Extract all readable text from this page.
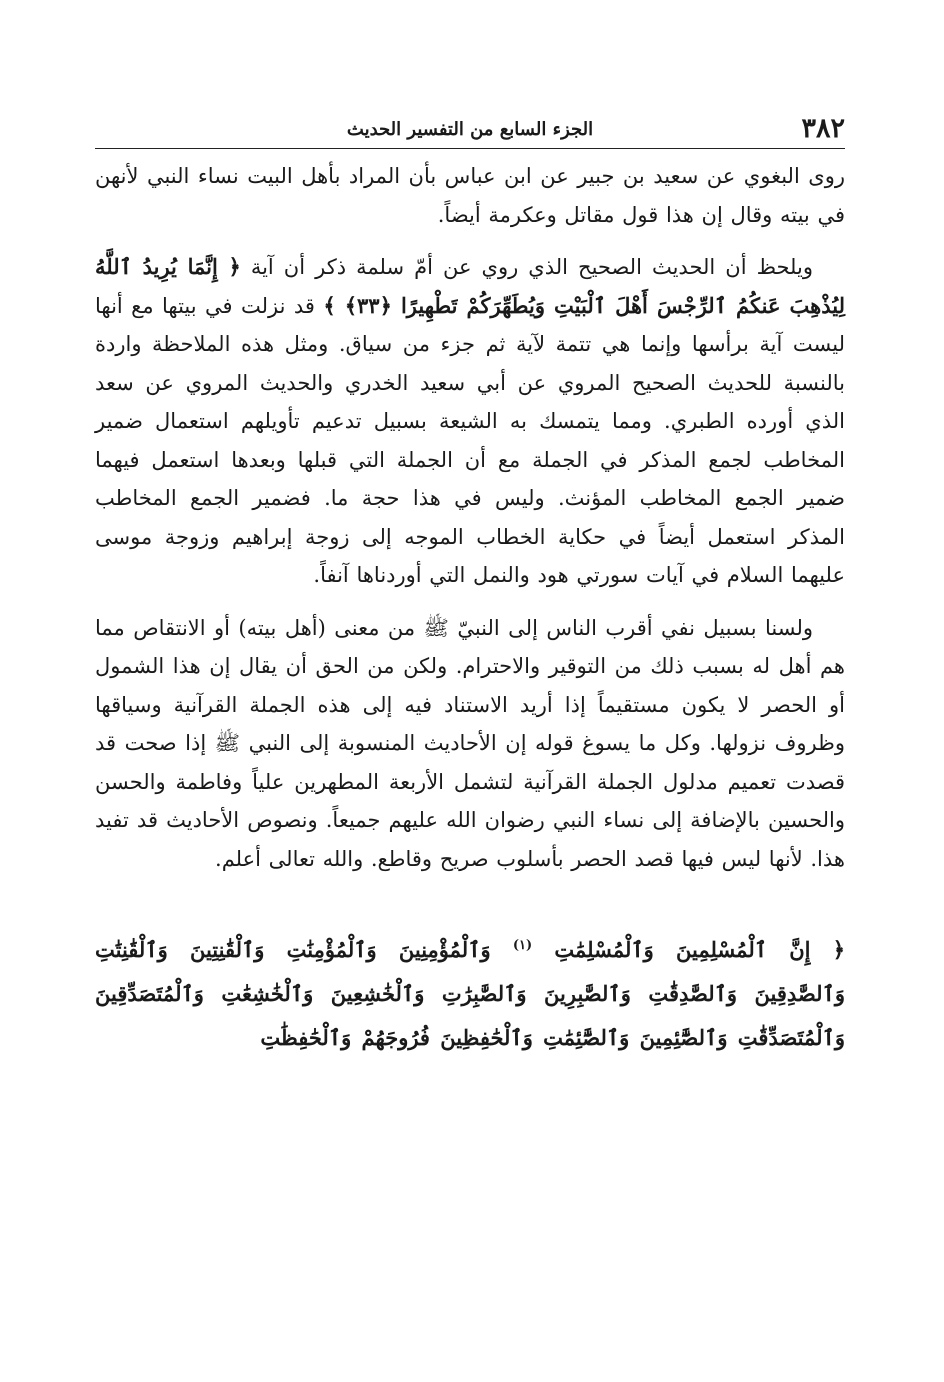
٣٨٢
الجزء السابع من التفسير الحديث

روى البغوي عن سعيد بن جبير عن ابن عباس بأن المراد بأهل البيت نساء النبي لأنهن في بيته وقال إن هذا قول مقاتل وعكرمة أيضاً.

ويلحظ أن الحديث الصحيح الذي روي عن أمّ سلمة ذكر أن آية ﴿ إِنَّمَا يُرِيدُ ٱللَّهُ لِيُذْهِبَ عَنكُمُ ٱلرِّجْسَ أَهْلَ ٱلْبَيْتِ وَيُطَهِّرَكُمْ تَطْهِيرًا ﴿٣٣﴾ ﴾ قد نزلت في بيتها مع أنها ليست آية برأسها وإنما هي تتمة لآية ثم جزء من سياق. ومثل هذه الملاحظة واردة بالنسبة للحديث الصحيح المروي عن أبي سعيد الخدري والحديث المروي عن سعد الذي أورده الطبري. ومما يتمسك به الشيعة بسبيل تدعيم تأويلهم استعمال ضمير المخاطب لجمع المذكر في الجملة مع أن الجملة التي قبلها وبعدها استعمل فيهما ضمير الجمع المخاطب المؤنث. وليس في هذا حجة ما. فضمير الجمع المخاطب المذكر استعمل أيضاً في حكاية الخطاب الموجه إلى زوجة إبراهيم وزوجة موسى عليهما السلام في آيات سورتي هود والنمل التي أوردناها آنفاً.

ولسنا بسبيل نفي أقرب الناس إلى النبيّ ﷺ من معنى (أهل بيته) أو الانتقاص مما هم أهل له بسبب ذلك من التوقير والاحترام. ولكن من الحق أن يقال إن هذا الشمول أو الحصر لا يكون مستقيماً إذا أريد الاستناد فيه إلى هذه الجملة القرآنية وسياقها وظروف نزولها. وكل ما يسوغ قوله إن الأحاديث المنسوبة إلى النبي ﷺ إذا صحت قد قصدت تعميم مدلول الجملة القرآنية لتشمل الأربعة المطهرين علياً وفاطمة والحسن والحسين بالإضافة إلى نساء النبي رضوان الله عليهم جميعاً. ونصوص الأحاديث قد تفيد هذا. لأنها ليس فيها قصد الحصر بأسلوب صريح وقاطع. والله تعالى أعلم.

﴿ إِنَّ ٱلْمُسْلِمِينَ وَٱلْمُسْلِمَٰتِ $^{(١)}$ وَٱلْمُؤْمِنِينَ وَٱلْمُؤْمِنَٰتِ وَٱلْقَٰنِتِينَ وَٱلْقَٰنِتَٰتِ وَٱلصَّٰدِقِينَ وَٱلصَّٰدِقَٰتِ وَٱلصَّٰبِرِينَ وَٱلصَّٰبِرَٰتِ وَٱلْخَٰشِعِينَ وَٱلْخَٰشِعَٰتِ وَٱلْمُتَصَدِّقِينَ وَٱلْمُتَصَدِّقَٰتِ وَٱلصَّٰٓئِمِينَ وَٱلصَّٰٓئِمَٰتِ وَٱلْحَٰفِظِينَ فُرُوجَهُمْ وَٱلْحَٰفِظَٰتِ
